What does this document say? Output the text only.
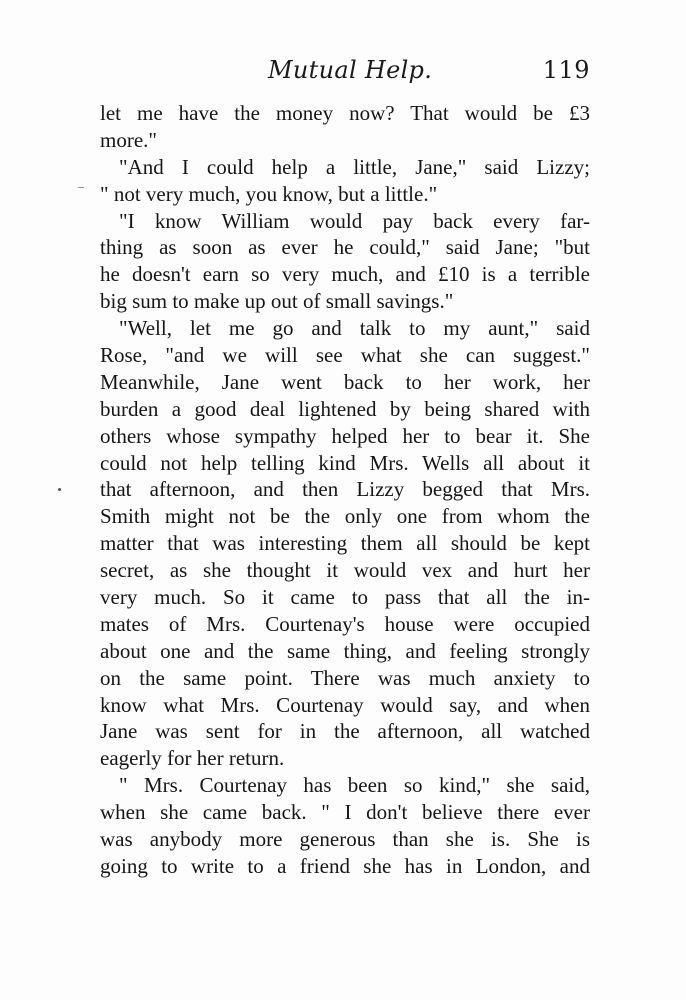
Mutual Help.	119
let me have the money now? That would be £3
more."
"And I could help a little, Jane," said Lizzy;
" not very much, you know, but a little."
"I know William would pay back every far-
thing as soon as ever he could," said Jane; "but
he doesn't earn so very much, and £10 is a terrible
big sum to make up out of small savings."
"Well, let me go and talk to my aunt," said
Rose, "and we will see what she can suggest."
Meanwhile, Jane went back to her work, her
burden a good deal lightened by being shared with
others whose sympathy helped her to bear it. She
could not help telling kind Mrs. Wells all about it
that afternoon, and then Lizzy begged that Mrs.
Smith might not be the only one from whom the
matter that was interesting them all should be kept
secret, as she thought it would vex and hurt her
very much. So it came to pass that all the in-
mates of Mrs. Courtenay's house were occupied
about one and the same thing, and feeling strongly
on the same point. There was much anxiety to
know what Mrs. Courtenay would say, and when
Jane was sent for in the afternoon, all watched
eagerly for her return.
" Mrs. Courtenay has been so kind," she said,
when she came back. " I don't believe there ever
was anybody more generous than she is. She is
going to write to a friend she has in London, and
